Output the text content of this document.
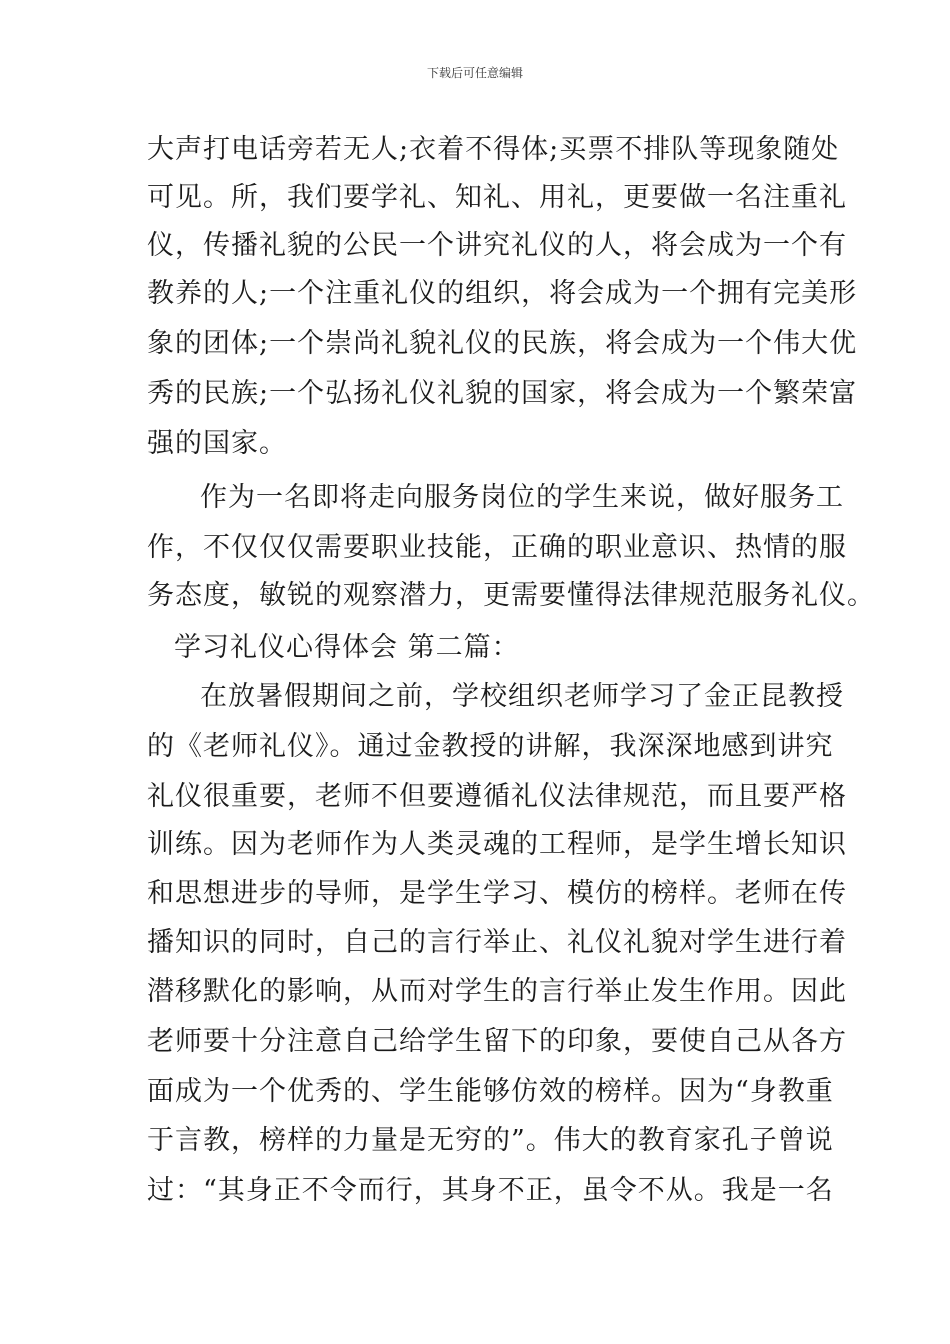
下载后可任意编辑
大声打电话旁若无人;衣着不得体;买票不排队等现象随处
可见。所，我们要学礼、知礼、用礼，更要做一名注重礼
仪，传播礼貌的公民一个讲究礼仪的人，将会成为一个有
教养的人;一个注重礼仪的组织，将会成为一个拥有完美形
象的团体;一个崇尚礼貌礼仪的民族，将会成为一个伟大优
秀的民族;一个弘扬礼仪礼貌的国家，将会成为一个繁荣富
强的国家。
作为一名即将走向服务岗位的学生来说，做好服务工
作，不仅仅仅需要职业技能，正确的职业意识、热情的服
务态度，敏锐的观察潜力，更需要懂得法律规范服务礼仪。
学习礼仪心得体会 第二篇：
在放暑假期间之前，学校组织老师学习了金正昆教授
的《老师礼仪》。通过金教授的讲解，我深深地感到讲究
礼仪很重要，老师不但要遵循礼仪法律规范，而且要严格
训练。因为老师作为人类灵魂的工程师，是学生增长知识
和思想进步的导师，是学生学习、模仿的榜样。老师在传
播知识的同时，自己的言行举止、礼仪礼貌对学生进行着
潜移默化的影响，从而对学生的言行举止发生作用。因此
老师要十分注意自己给学生留下的印象，要使自己从各方
面成为一个优秀的、学生能够仿效的榜样。因为“身教重
于言教，榜样的力量是无穷的”。伟大的教育家孔子曾说
过：“其身正不令而行，其身不正，虽令不从。我是一名
